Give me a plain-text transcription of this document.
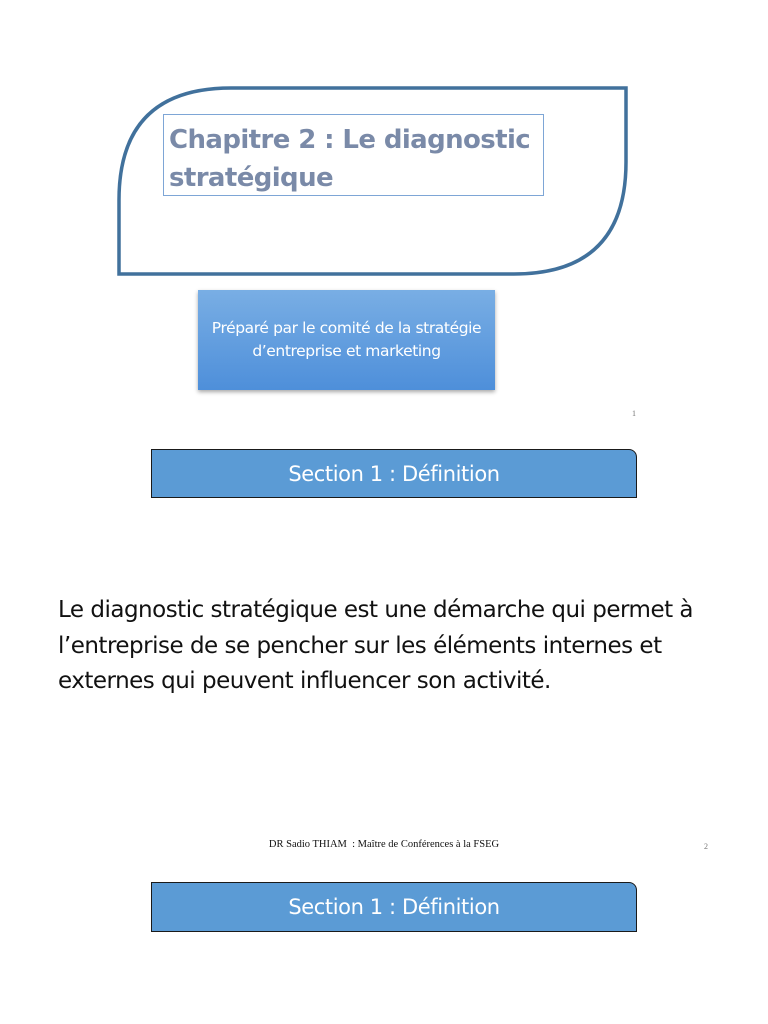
Chapitre 2 : Le diagnostic stratégique
Préparé par le comité de la stratégie d’entreprise et marketing
1
Section 1 : Définition

Le diagnostic stratégique est une démarche qui permet à l’entreprise de se pencher sur les éléments internes et externes qui peuvent influencer son activité.

DR Sadio THIAM  : Maître de Conférences à la FSEG	2
Section 1 : Définition
